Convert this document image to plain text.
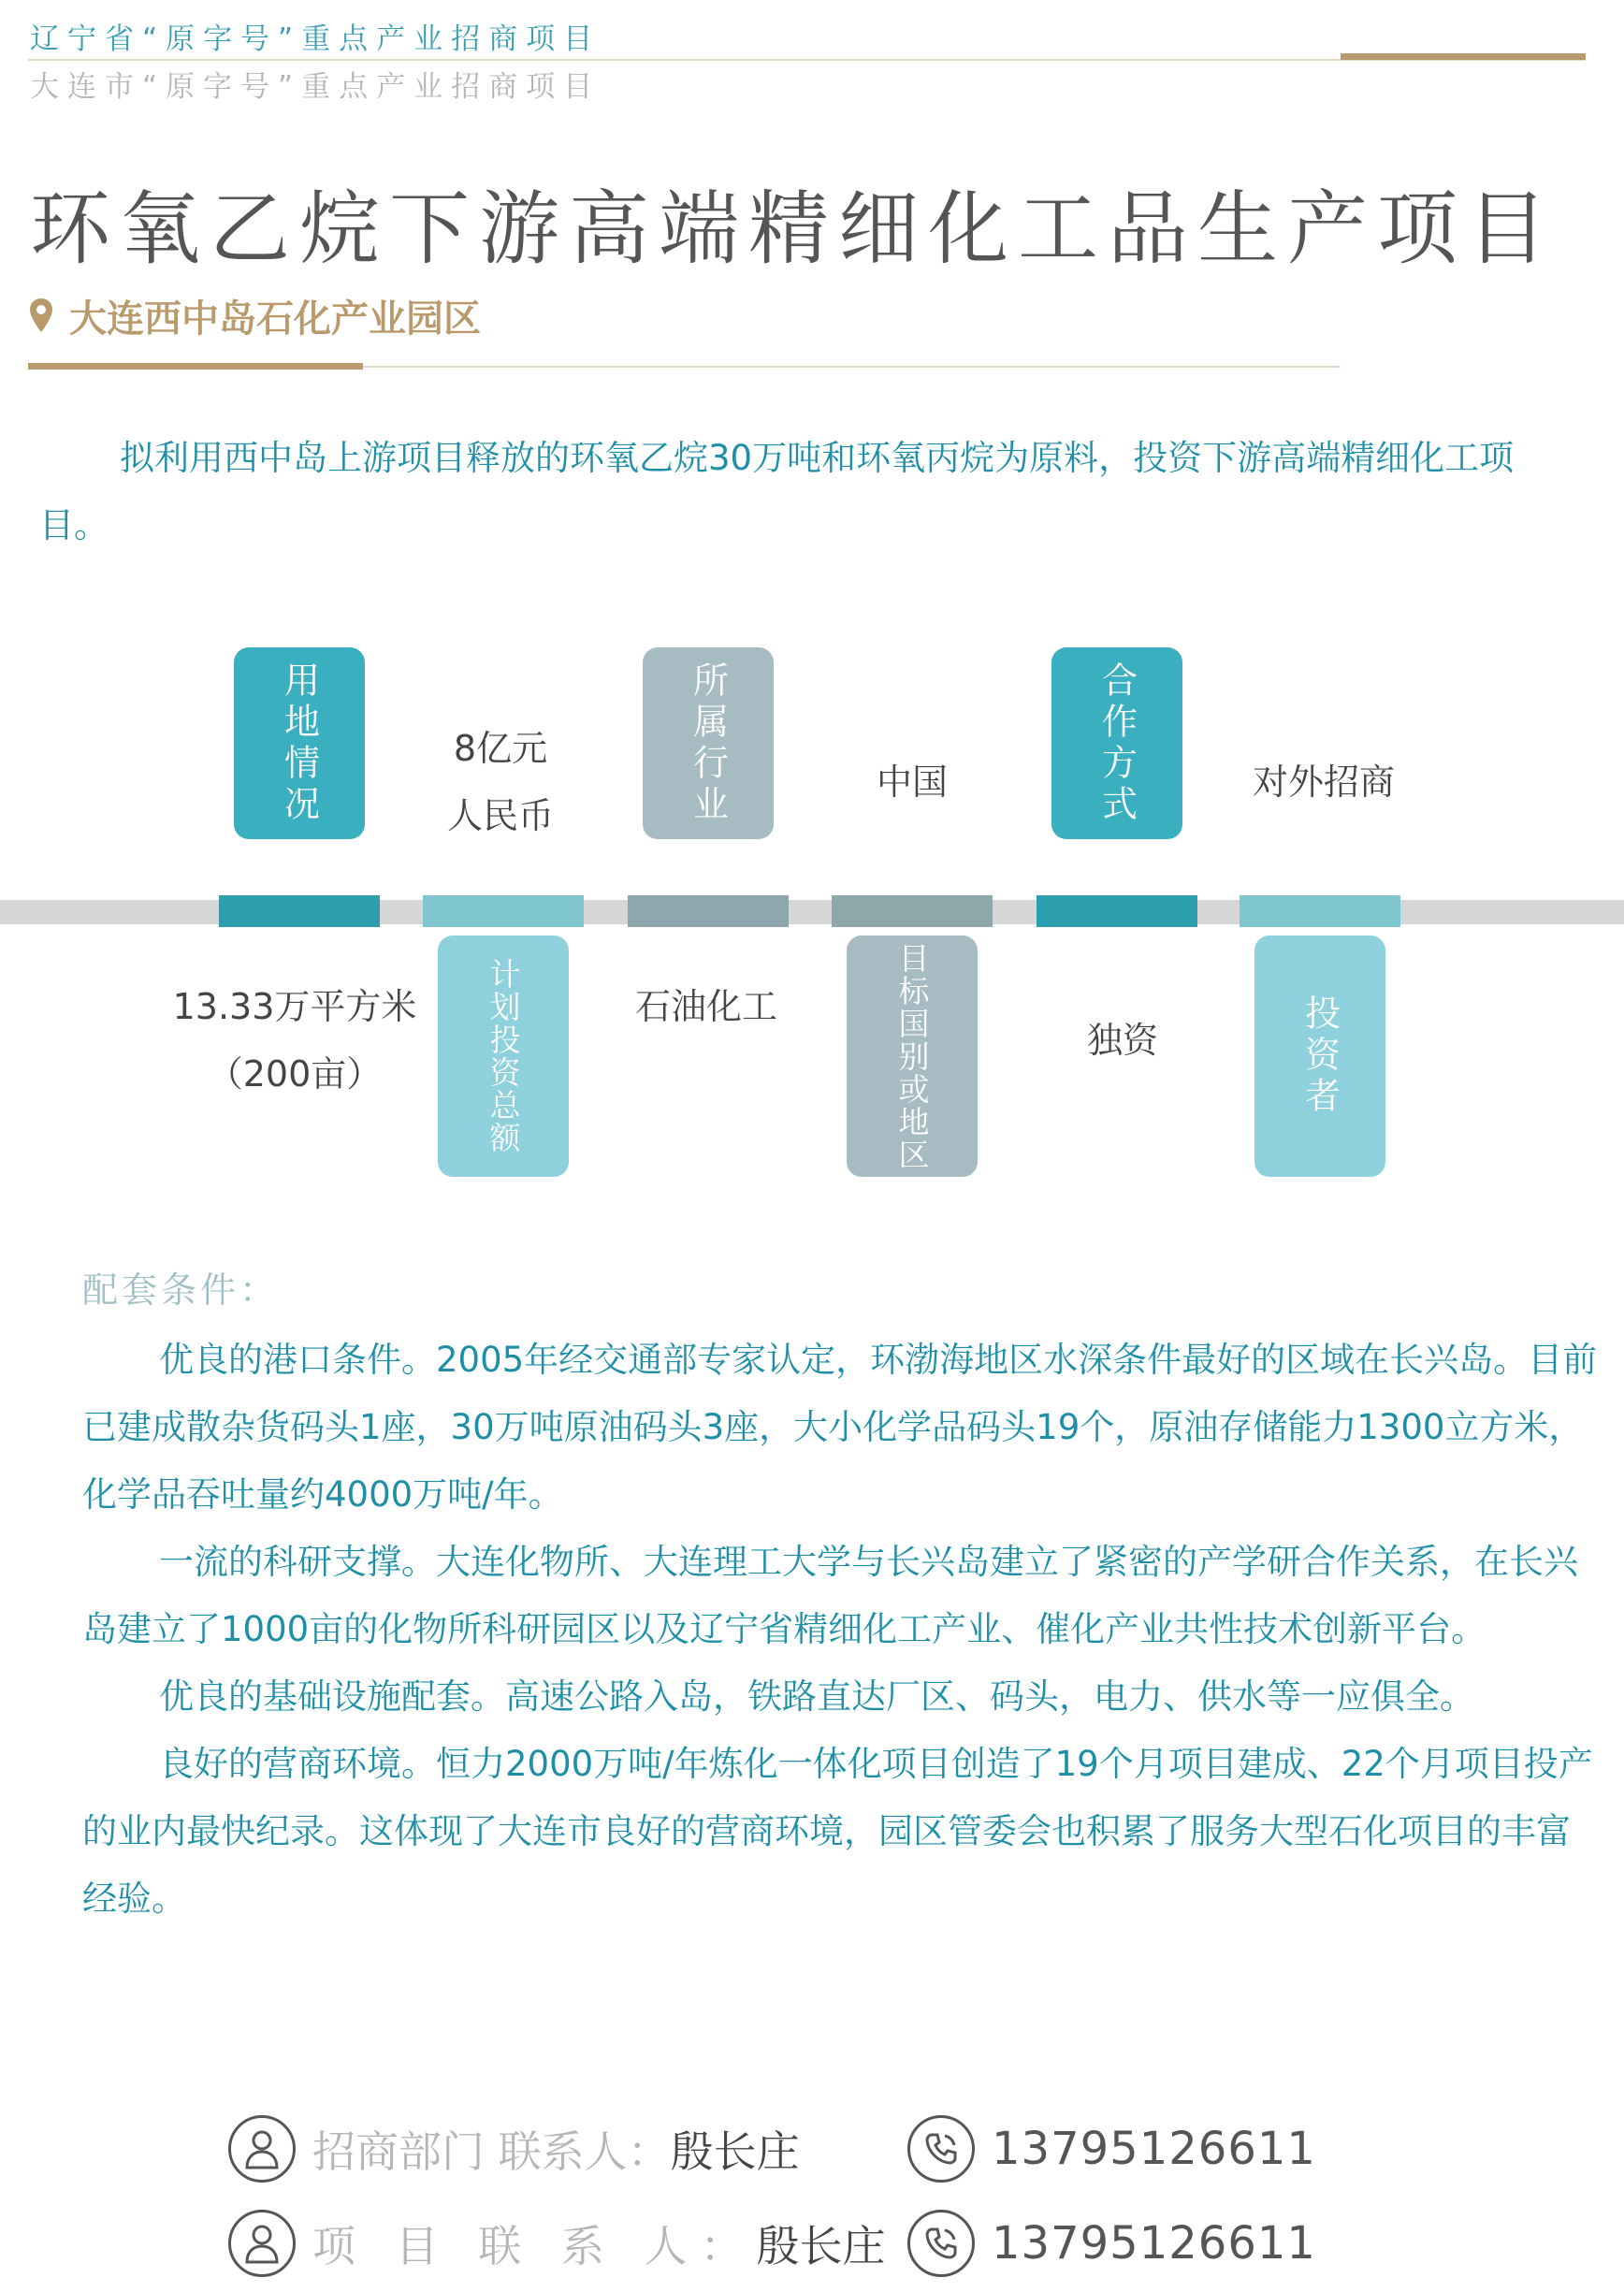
辽宁省“原字号”重点产业招商项目
大连市“原字号”重点产业招商项目
环氧乙烷下游高端精细化工品生产项目
大连西中岛石化产业园区
拟利用西中岛上游项目释放的环氧乙烷30万吨和环氧丙烷为原料，投资下游高端精细化工项目。
用地情况
13.33万平方米
（200亩）	计划投资总额
8亿元
人民币	所属行业
石油化工	目标国别或地区
中国	合作方式
独资	投资者
对外招商
配套条件：

优良的港口条件。2005年经交通部专家认定，环渤海地区水深条件最好的区域在长兴岛。目前已建成散杂货码头1座，30万吨原油码头3座，大小化学品码头19个，原油存储能力1300立方米，化学品吞吐量约4000万吨/年。

一流的科研支撑。大连化物所、大连理工大学与长兴岛建立了紧密的产学研合作关系，在长兴岛建立了1000亩的化物所科研园区以及辽宁省精细化工产业、催化产业共性技术创新平台。

优良的基础设施配套。高速公路入岛，铁路直达厂区、码头，电力、供水等一应俱全。

良好的营商环境。恒力2000万吨/年炼化一体化项目创造了19个月项目建成、22个月项目投产的业内最快纪录。这体现了大连市良好的营商环境，园区管委会也积累了服务大型石化项目的丰富经验。

招商部门 联系人： 殷长庄	13795126611
项 目 联 系 人： 殷长庄 13795126611
